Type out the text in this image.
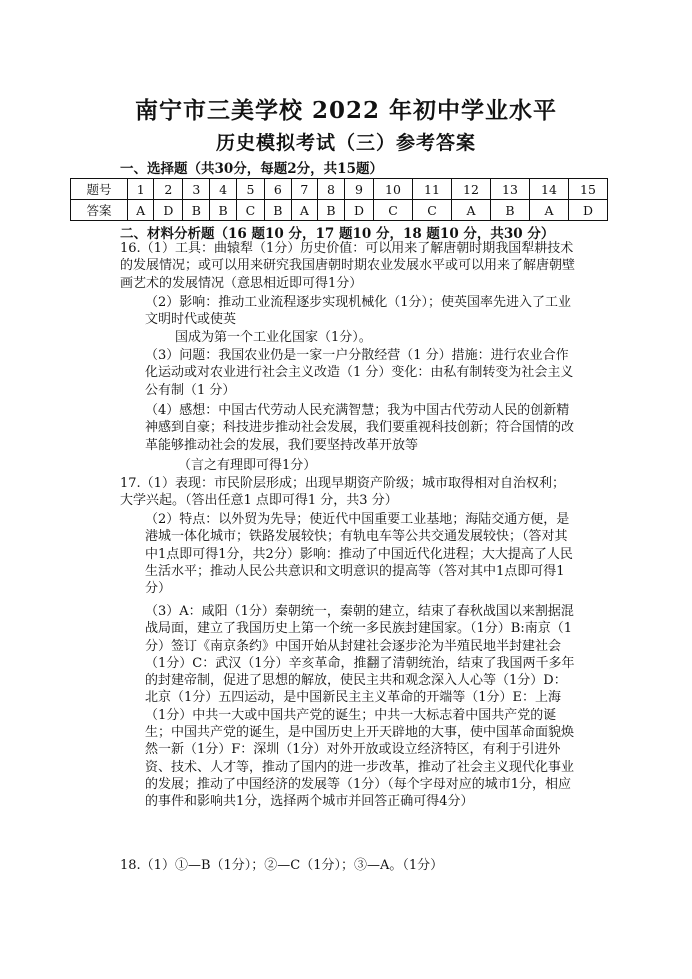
南宁市三美学校 2022 年初中学业水平
历史模拟考试（三）参考答案
一、选择题（共30分，每题2分，共15题）
题号	1	2	3	4	5	6	7	8	9	10	11	12	13	14	15
答案	A	D	B	B	C	B	A	B	D	C	C	A	B	A	D
二、材料分析题（16 题10 分，17 题10 分，18 题10 分，共30 分）
16.（1）工具：曲辕犁（1分）历史价值：可以用来了解唐朝时期我国犁耕技术的发展情况；或可以用来研究我国唐朝时期农业发展水平或可以用来了解唐朝壁画艺术的发展情况（意思相近即可得1分）
（2）影响：推动工业流程逐步实现机械化（1分）；使英国率先进入了工业文明时代或使英
国成为第一个工业化国家（1分）。
（3）问题：我国农业仍是一家一户分散经营（1 分）措施：进行农业合作化运动或对农业进行社会主义改造（1 分）变化：由私有制转变为社会主义公有制（1 分）
（4）感想：中国古代劳动人民充满智慧；我为中国古代劳动人民的创新精神感到自豪；科技进步推动社会发展，我们要重视科技创新；符合国情的改革能够推动社会的发展，我们要坚持改革开放等
（言之有理即可得1分）
17.（1）表现：市民阶层形成；出现早期资产阶级；城市取得相对自治权利；大学兴起。（答出任意1 点即可得1 分，共3 分）
（2）特点：以外贸为先导；使近代中国重要工业基地；海陆交通方便，是港城一体化城市；铁路发展较快；有轨电车等公共交通发展较快；（答对其中1点即可得1分，共2分）影响：推动了中国近代化进程；大大提高了人民生活水平；推动人民公共意识和文明意识的提高等（答对其中1点即可得1分）
（3）A：咸阳（1分）秦朝统一，秦朝的建立，结束了春秋战国以来割据混战局面，建立了我国历史上第一个统一多民族封建国家。（1分）B:南京（1分）签订《南京条约》中国开始从封建社会逐步沦为半殖民地半封建社会（1分）C：武汉（1分）辛亥革命，推翻了清朝统治，结束了我国两千多年的封建帝制，促进了思想的解放，使民主共和观念深入人心等（1分）D：北京（1分）五四运动，是中国新民主主义革命的开端等（1分）E：上海（1分）中共一大或中国共产党的诞生；中共一大标志着中国共产党的诞生；中国共产党的诞生，是中国历史上开天辟地的大事，使中国革命面貌焕然一新（1分）F：深圳（1分）对外开放或设立经济特区，有利于引进外资、技术、人才等，推动了国内的进一步改革，推动了社会主义现代化事业的发展；推动了中国经济的发展等（1分）（每个字母对应的城市1分，相应的事件和影响共1分，选择两个城市并回答正确可得4分）
18.（1）①—B（1分）；②—C（1分）；③—A。（1分）
